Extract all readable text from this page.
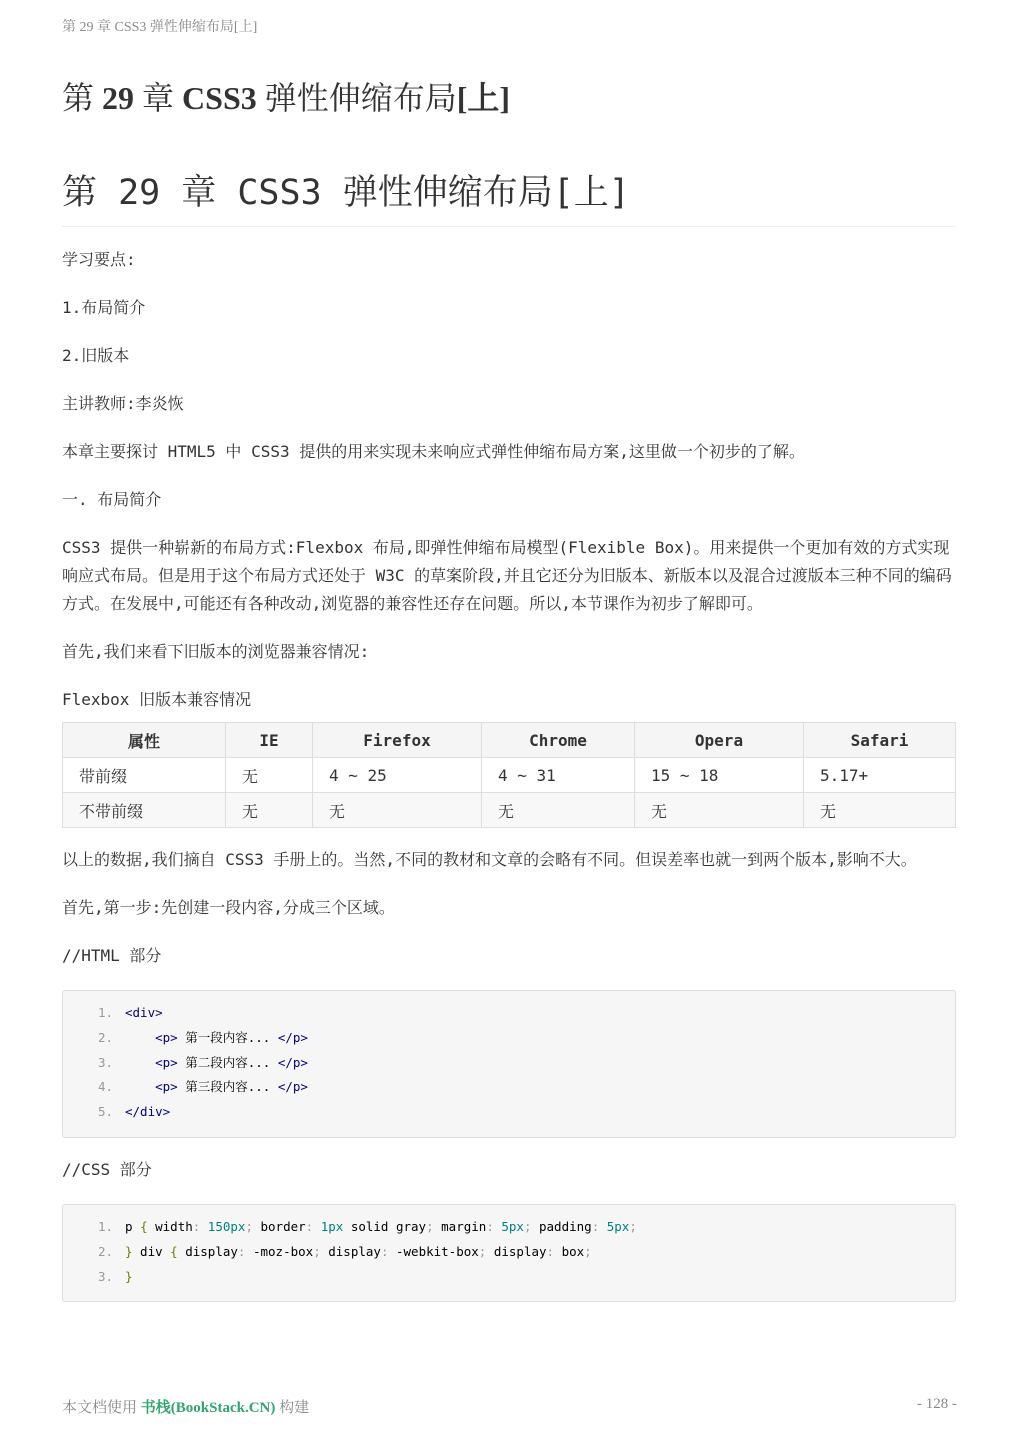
第 29 章 CSS3 弹性伸缩布局[上]
第 29 章 CSS3 弹性伸缩布局[上]
第 29 章 CSS3 弹性伸缩布局[上]

学习要点:

1.布局简介

2.旧版本

主讲教师:李炎恢

本章主要探讨 HTML5 中 CSS3 提供的用来实现未来响应式弹性伸缩布局方案,这里做一个初步的了解。

一. 布局简介

CSS3 提供一种崭新的布局方式:Flexbox 布局,即弹性伸缩布局模型(Flexible Box)。用来提供一个更加有效的方式实现响应式布局。但是用于这个布局方式还处于 W3C 的草案阶段,并且它还分为旧版本、新版本以及混合过渡版本三种不同的编码方式。在发展中,可能还有各种改动,浏览器的兼容性还存在问题。所以,本节课作为初步了解即可。

首先,我们来看下旧版本的浏览器兼容情况:

Flexbox 旧版本兼容情况

属性	IE	Firefox	Chrome	Opera	Safari
带前缀	无	4 ~ 25	4 ~ 31	15 ~ 18	5.17+
不带前缀	无	无	无	无	无

以上的数据,我们摘自 CSS3 手册上的。当然,不同的教材和文章的会略有不同。但误差率也就一到两个版本,影响不大。

首先,第一步:先创建一段内容,分成三个区域。

//HTML 部分

1. <div>
2.
	<p> 第一段内容... </p>
3.
	<p> 第二段内容... </p>
4.
	<p> 第三段内容... </p>
5. </div>

//CSS 部分

1. p { width : 150px ; border : 1px solid gray ; margin : 5px ; padding : 5px ;
2. } div { display : -moz-box ; display : -webkit-box ; display : box ;
3. }
本文档使用 书栈(BookStack.CN) 构建	- 128 -
